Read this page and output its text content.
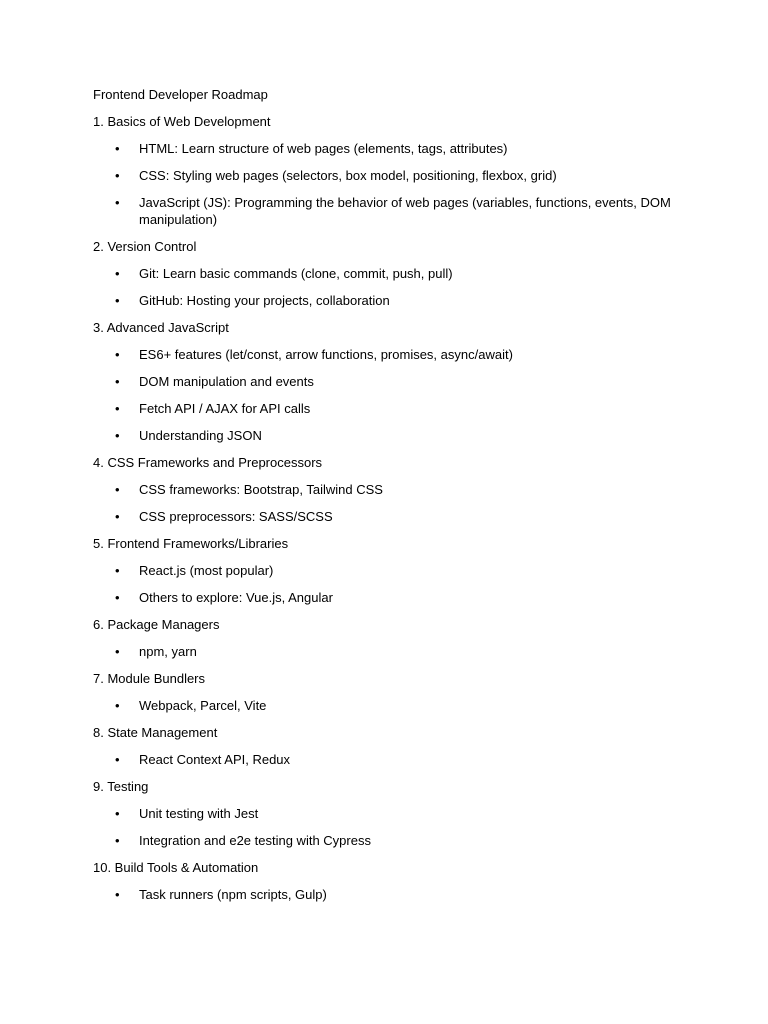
Frontend Developer Roadmap
1. Basics of Web Development
• HTML: Learn structure of web pages (elements, tags, attributes)
• CSS: Styling web pages (selectors, box model, positioning, flexbox, grid)
• JavaScript (JS): Programming the behavior of web pages (variables, functions, events, DOM manipulation)
2. Version Control
• Git: Learn basic commands (clone, commit, push, pull)
• GitHub: Hosting your projects, collaboration
3. Advanced JavaScript
• ES6+ features (let/const, arrow functions, promises, async/await)
• DOM manipulation and events
• Fetch API / AJAX for API calls
• Understanding JSON
4. CSS Frameworks and Preprocessors
• CSS frameworks: Bootstrap, Tailwind CSS
• CSS preprocessors: SASS/SCSS
5. Frontend Frameworks/Libraries
• React.js (most popular)
• Others to explore: Vue.js, Angular
6. Package Managers
• npm, yarn
7. Module Bundlers
• Webpack, Parcel, Vite
8. State Management
• React Context API, Redux
9. Testing
• Unit testing with Jest
• Integration and e2e testing with Cypress
10. Build Tools & Automation
• Task runners (npm scripts, Gulp)
